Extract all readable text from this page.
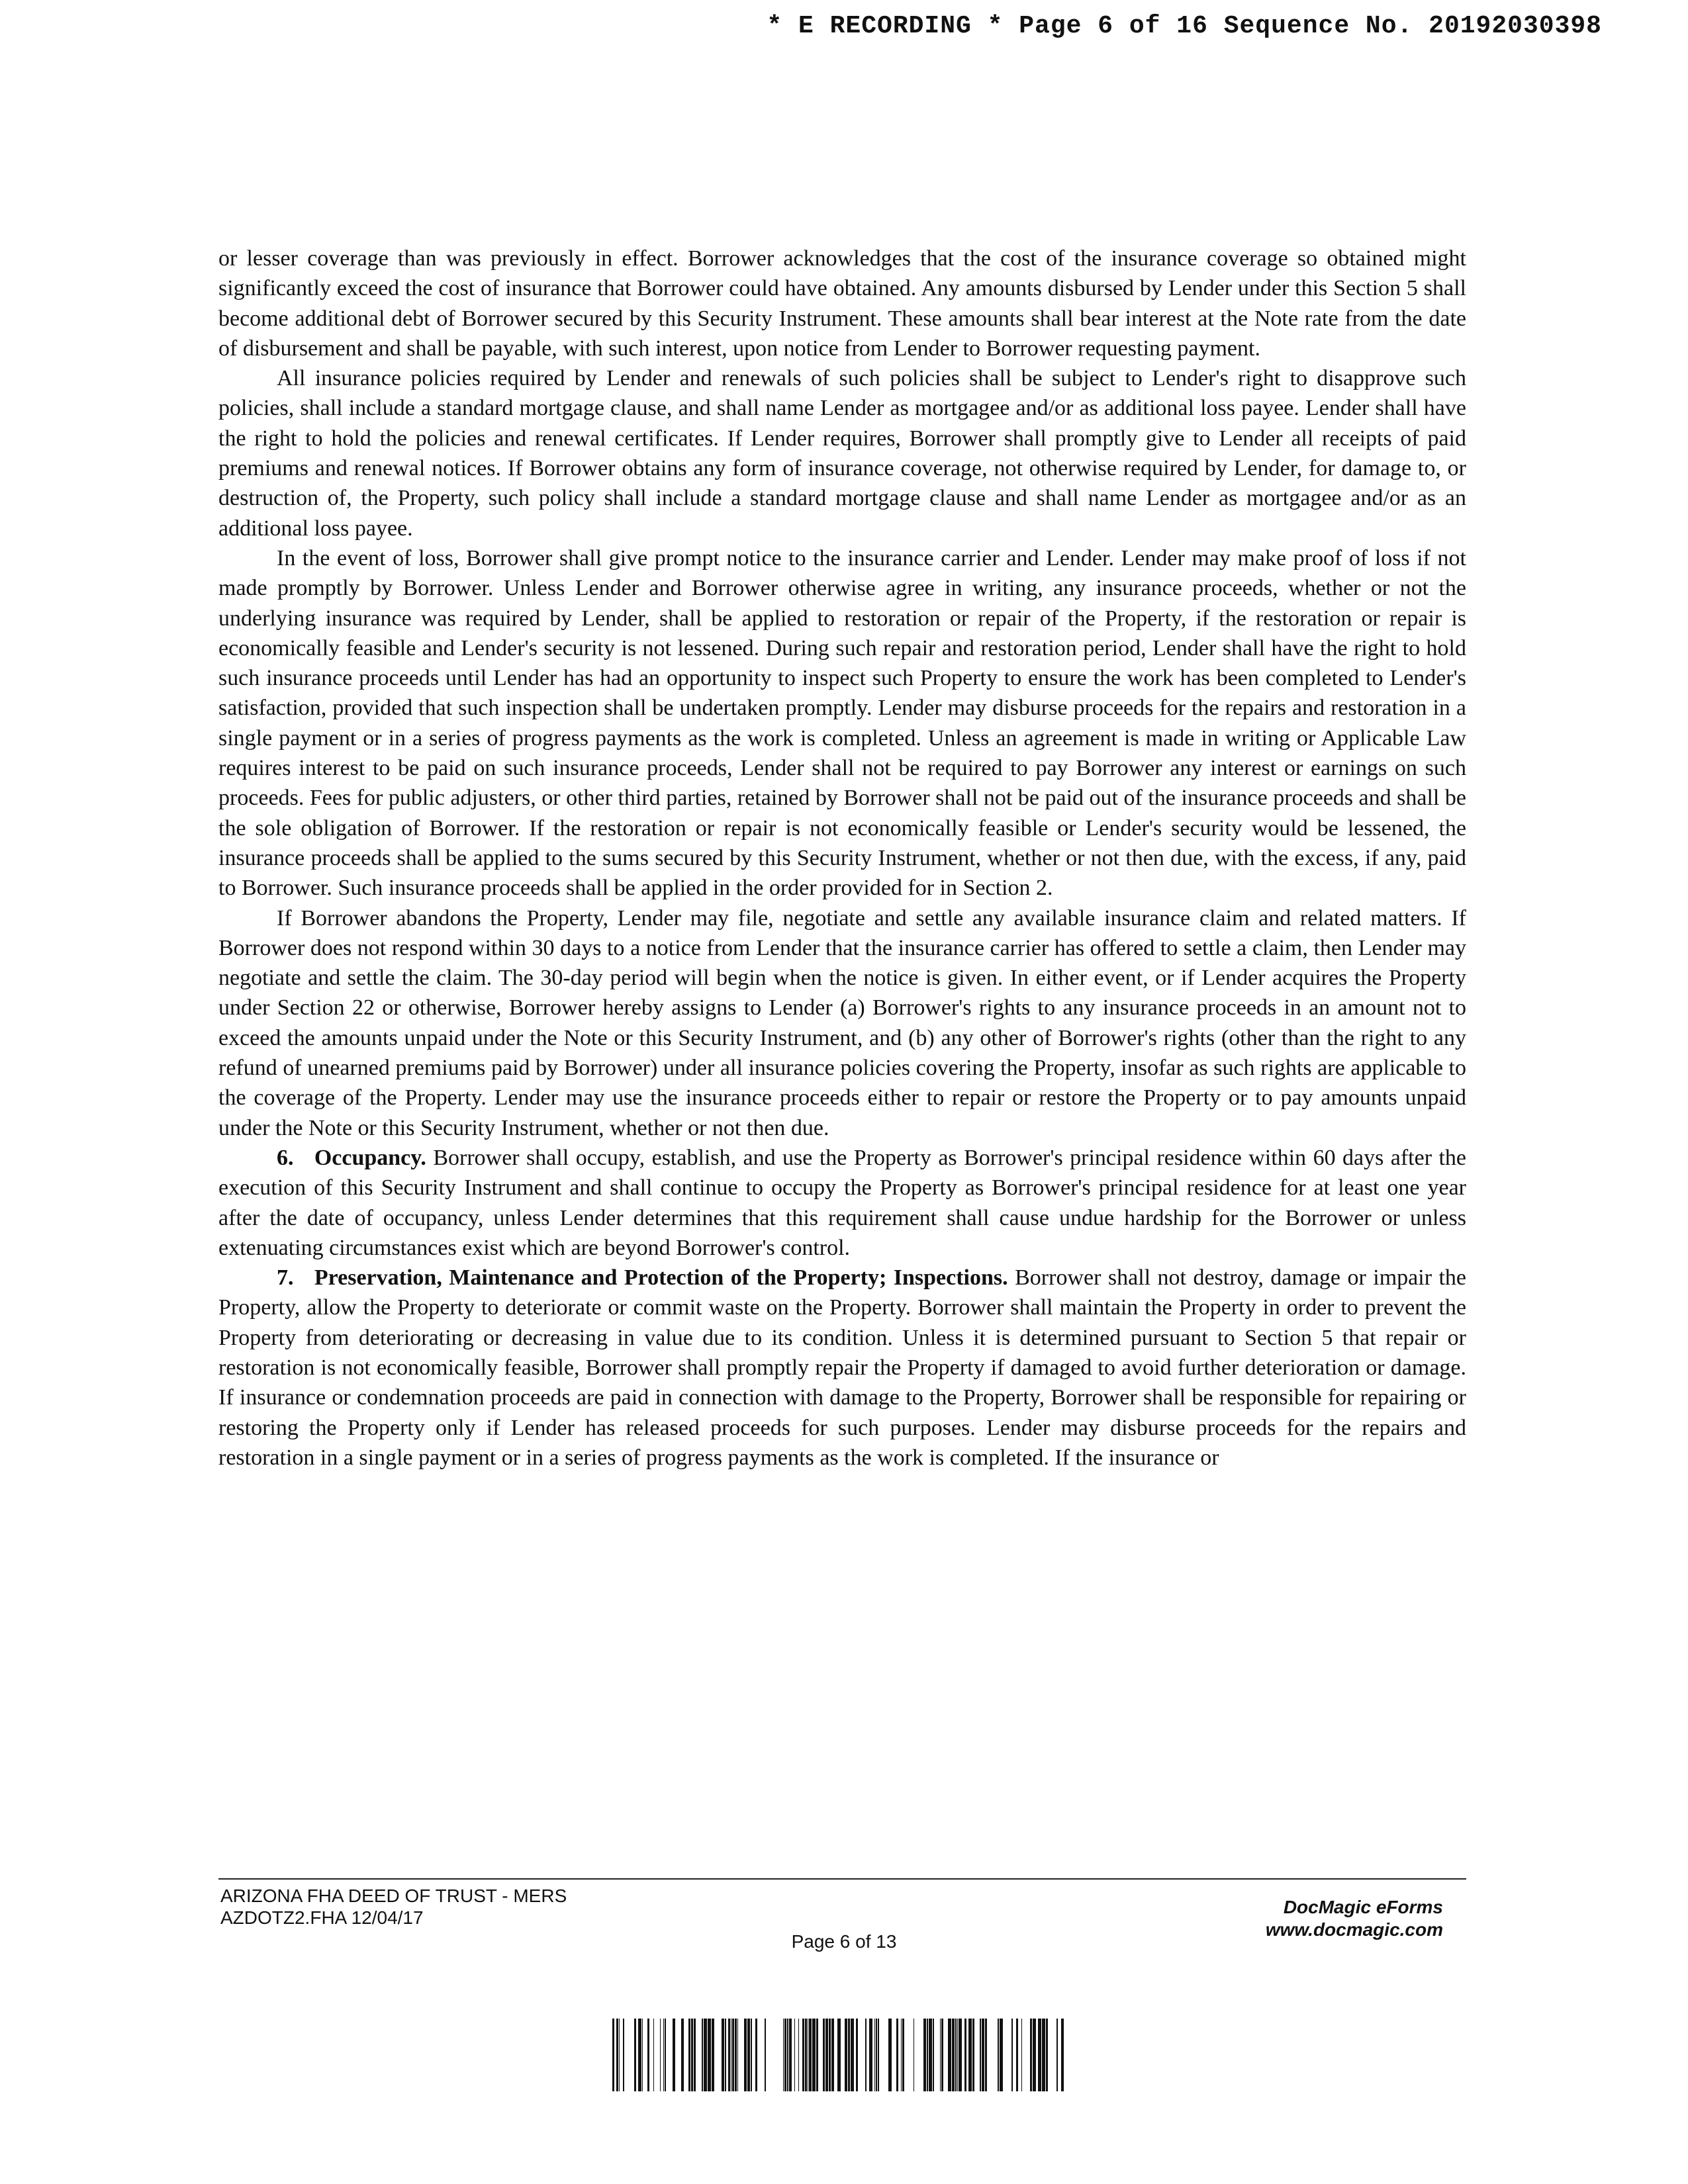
* E RECORDING * Page 6 of 16 Sequence No. 20192030398

or lesser coverage than was previously in effect. Borrower acknowledges that the cost of the insurance coverage so obtained might significantly exceed the cost of insurance that Borrower could have obtained. Any amounts disbursed by Lender under this Section 5 shall become additional debt of Borrower secured by this Security Instrument. These amounts shall bear interest at the Note rate from the date of disbursement and shall be payable, with such interest, upon notice from Lender to Borrower requesting payment.

All insurance policies required by Lender and renewals of such policies shall be subject to Lender's right to disapprove such policies, shall include a standard mortgage clause, and shall name Lender as mortgagee and/or as additional loss payee. Lender shall have the right to hold the policies and renewal certificates. If Lender requires, Borrower shall promptly give to Lender all receipts of paid premiums and renewal notices. If Borrower obtains any form of insurance coverage, not otherwise required by Lender, for damage to, or destruction of, the Property, such policy shall include a standard mortgage clause and shall name Lender as mortgagee and/or as an additional loss payee.

In the event of loss, Borrower shall give prompt notice to the insurance carrier and Lender. Lender may make proof of loss if not made promptly by Borrower. Unless Lender and Borrower otherwise agree in writing, any insurance proceeds, whether or not the underlying insurance was required by Lender, shall be applied to restoration or repair of the Property, if the restoration or repair is economically feasible and Lender's security is not lessened. During such repair and restoration period, Lender shall have the right to hold such insurance proceeds until Lender has had an opportunity to inspect such Property to ensure the work has been completed to Lender's satisfaction, provided that such inspection shall be undertaken promptly. Lender may disburse proceeds for the repairs and restoration in a single payment or in a series of progress payments as the work is completed. Unless an agreement is made in writing or Applicable Law requires interest to be paid on such insurance proceeds, Lender shall not be required to pay Borrower any interest or earnings on such proceeds. Fees for public adjusters, or other third parties, retained by Borrower shall not be paid out of the insurance proceeds and shall be the sole obligation of Borrower. If the restoration or repair is not economically feasible or Lender's security would be lessened, the insurance proceeds shall be applied to the sums secured by this Security Instrument, whether or not then due, with the excess, if any, paid to Borrower. Such insurance proceeds shall be applied in the order provided for in Section 2.

If Borrower abandons the Property, Lender may file, negotiate and settle any available insurance claim and related matters. If Borrower does not respond within 30 days to a notice from Lender that the insurance carrier has offered to settle a claim, then Lender may negotiate and settle the claim. The 30-day period will begin when the notice is given. In either event, or if Lender acquires the Property under Section 22 or otherwise, Borrower hereby assigns to Lender (a) Borrower's rights to any insurance proceeds in an amount not to exceed the amounts unpaid under the Note or this Security Instrument, and (b) any other of Borrower's rights (other than the right to any refund of unearned premiums paid by Borrower) under all insurance policies covering the Property, insofar as such rights are applicable to the coverage of the Property. Lender may use the insurance proceeds either to repair or restore the Property or to pay amounts unpaid under the Note or this Security Instrument, whether or not then due.

6. Occupancy. Borrower shall occupy, establish, and use the Property as Borrower's principal residence within 60 days after the execution of this Security Instrument and shall continue to occupy the Property as Borrower's principal residence for at least one year after the date of occupancy, unless Lender determines that this requirement shall cause undue hardship for the Borrower or unless extenuating circumstances exist which are beyond Borrower's control.

7. Preservation, Maintenance and Protection of the Property; Inspections. Borrower shall not destroy, damage or impair the Property, allow the Property to deteriorate or commit waste on the Property. Borrower shall maintain the Property in order to prevent the Property from deteriorating or decreasing in value due to its condition. Unless it is determined pursuant to Section 5 that repair or restoration is not economically feasible, Borrower shall promptly repair the Property if damaged to avoid further deterioration or damage. If insurance or condemnation proceeds are paid in connection with damage to the Property, Borrower shall be responsible for repairing or restoring the Property only if Lender has released proceeds for such purposes. Lender may disburse proceeds for the repairs and restoration in a single payment or in a series of progress payments as the work is completed. If the insurance or

ARIZONA FHA DEED OF TRUST - MERS
AZDOTZ2.FHA 12/04/17
Page 6 of 13
DocMagic eForms
www.docmagic.com
